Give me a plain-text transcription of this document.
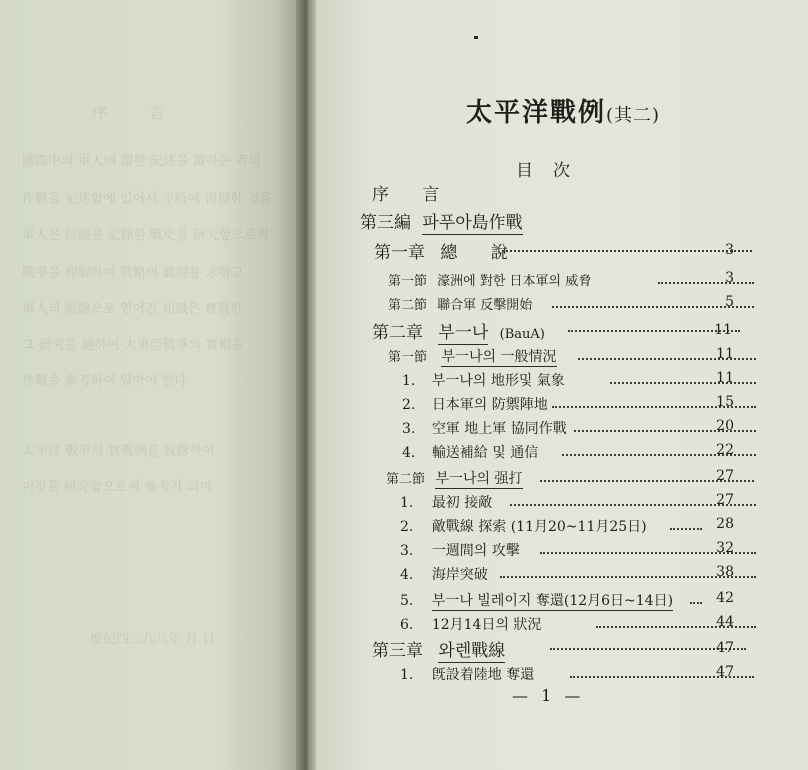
序 言
國際中의 軍人에 關한 記述을 讀하는 者의
作戰을 記述함에 있어서 平時에 習得한 것을
軍人은 經驗을 記錄한 戰史를 研究함으로써
戰爭을 理解하며 戰略의 眞理를 求하고
軍人의 經驗으로 얻어진 知識은 寶貴한
그 研究를 通하여 大東亞戰爭의 實相을
作戰을 參考하여 알아야 한다
太平洋 戰爭의 實戰例를 收錄하여
이것을 研究함으로써 參考가 되며
檀紀四二八八年 月 日
太平洋戰例(其二)
目次
序 言
第三編 파푸아島作戰
第一章 總 說	3
第一節 濠洲에 對한 日本軍의 威脅	3
第二節 聯合軍 反擊開始	5
第二章 부一나 (BauA)	11
第一節 부一나의 一般情況	11
1. 부一나의 地形및 氣象	11
2. 日本軍의 防禦陣地	15
3. 空軍 地上軍 協同作戰	20
4. 輸送補給 및 通信	22
第二節 부一나의 强打	27
1. 最初 接敵	27
2. 敵戰線 探索 (11月20~11月25日)	28
3. 一週間의 攻擊	32
4. 海岸突破	38
5. 부一나 빌레이지 奪還(12月6日~14日)	42
6. 12月14日의 狀況	44
第三章 와렌戰線	47
1. 旣設着陸地 奪還	47
— 1 —
